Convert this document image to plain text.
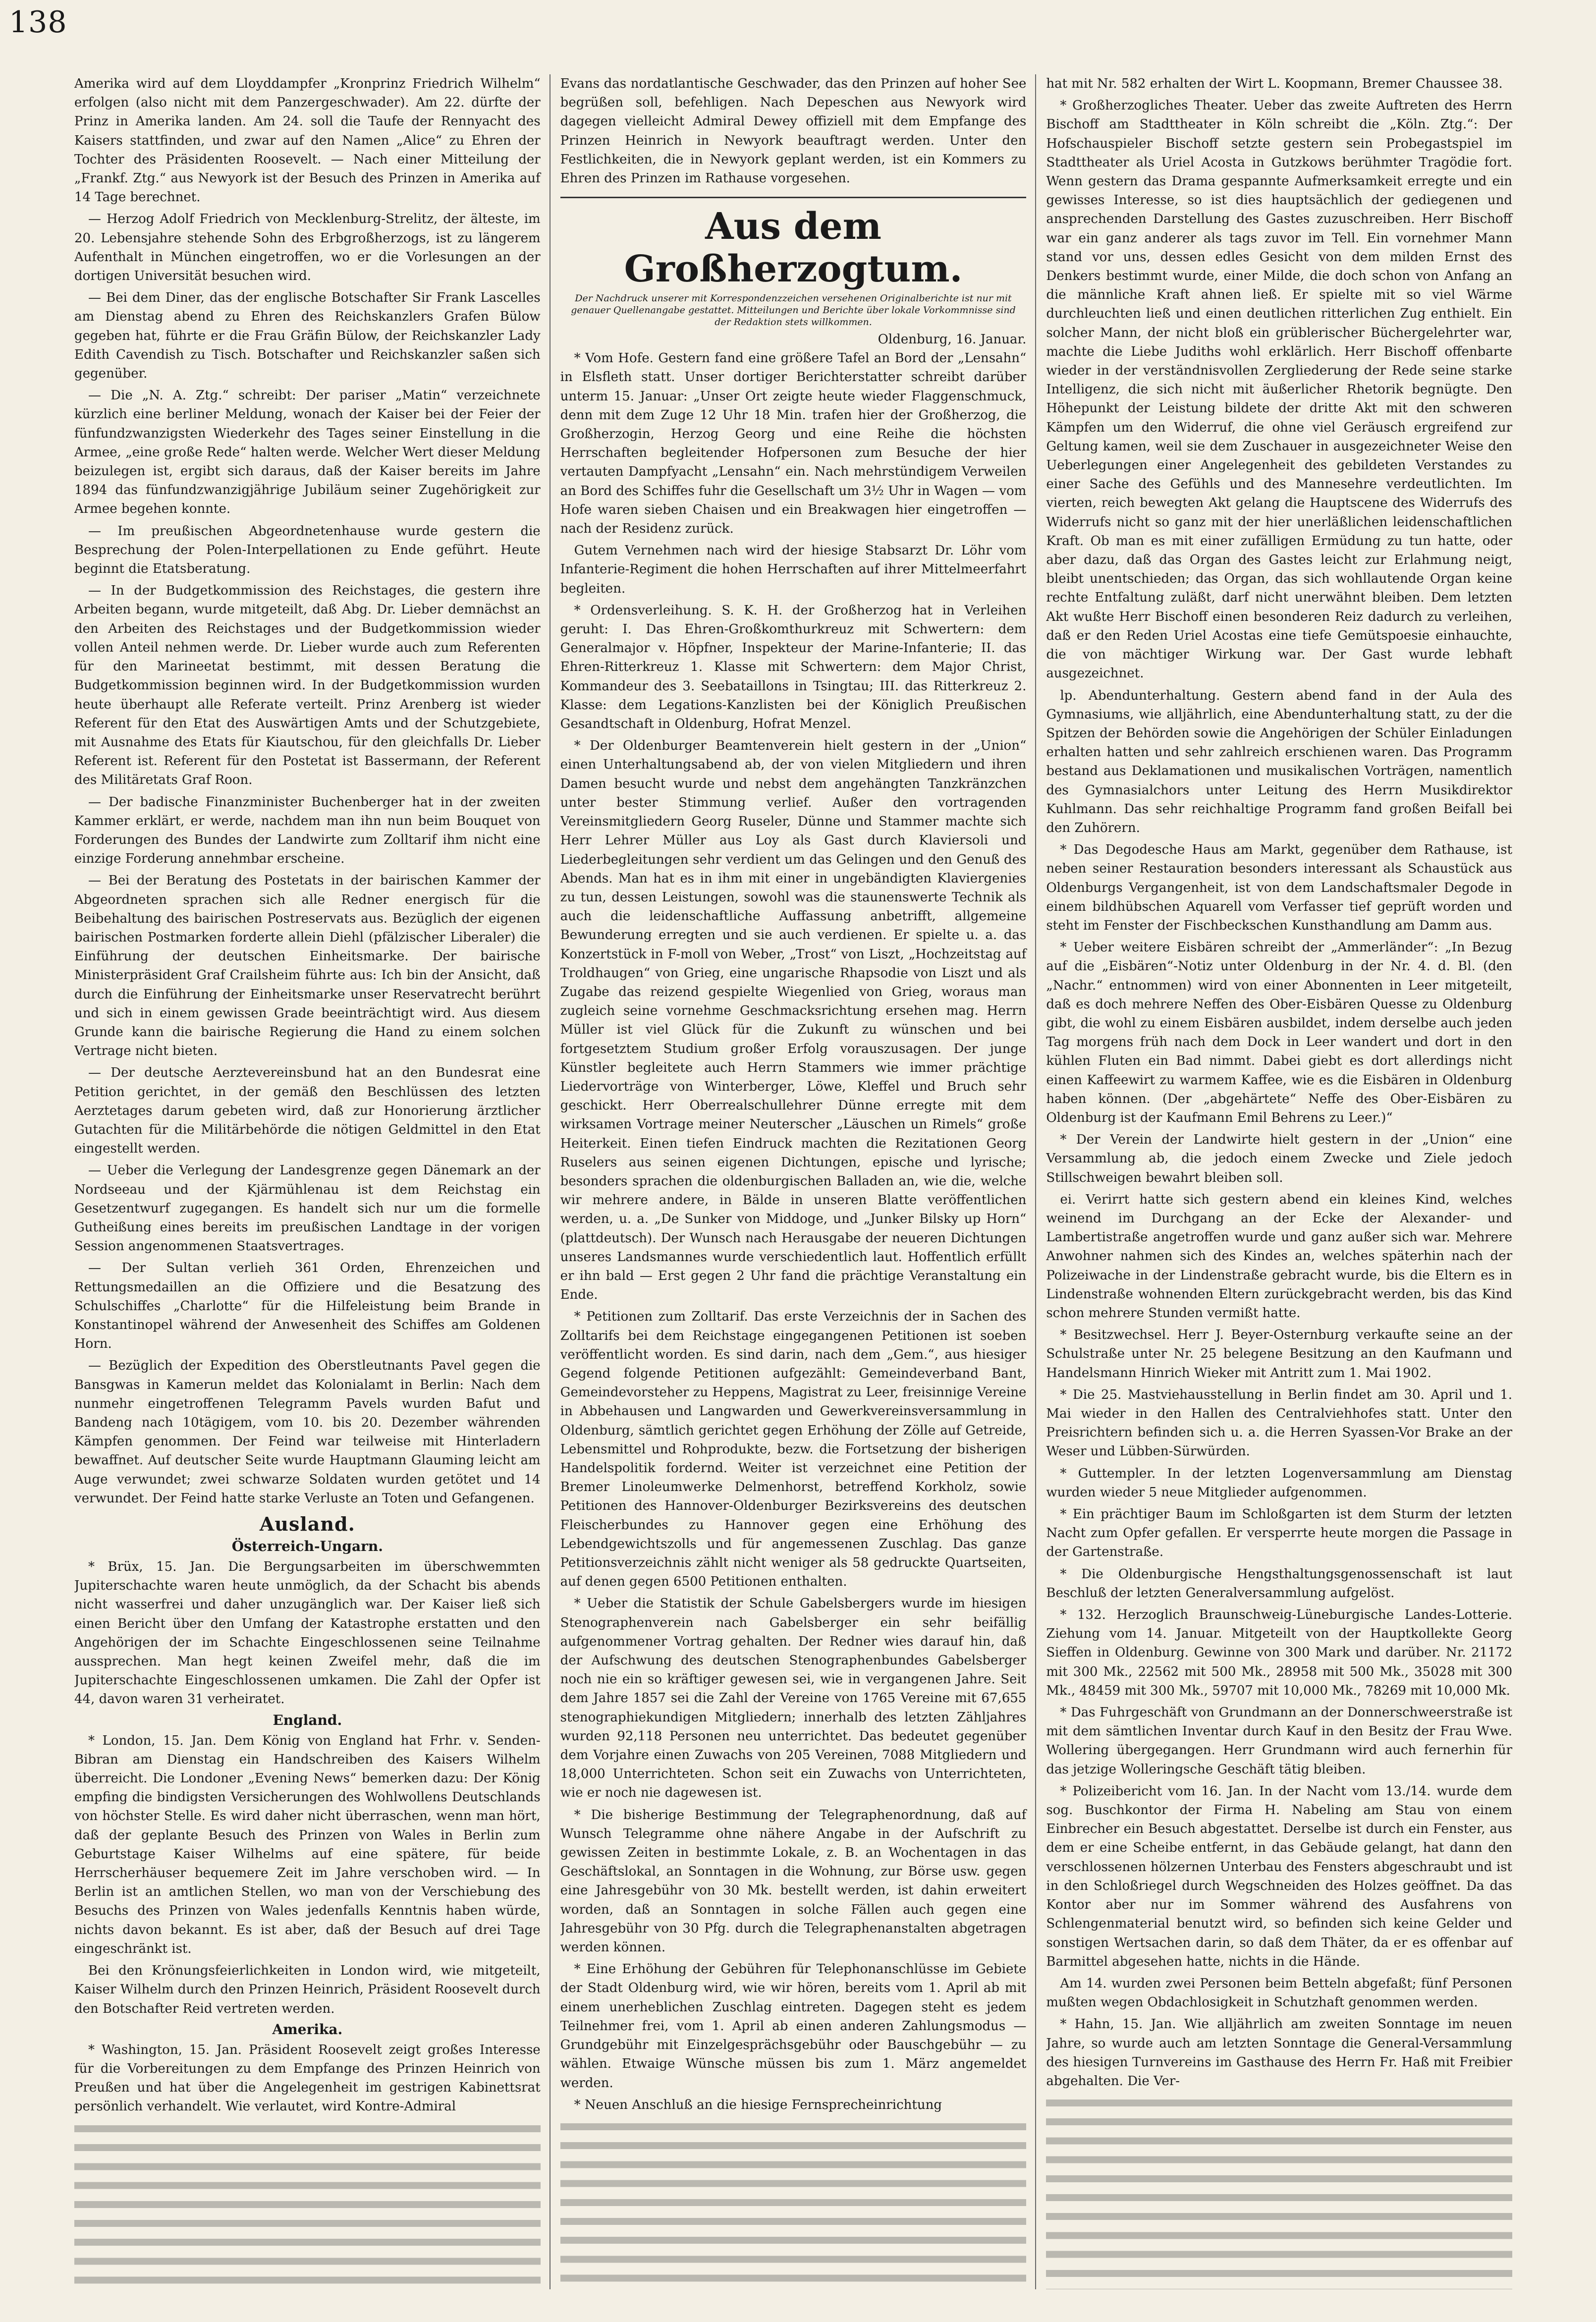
138

Amerika wird auf dem Lloyddampfer „Kronprinz Friedrich Wilhelm“ erfolgen (also nicht mit dem Panzergeschwader). Am 22. dürfte der Prinz in Amerika landen. Am 24. soll die Taufe der Rennyacht des Kaisers stattfinden, und zwar auf den Namen „Alice“ zu Ehren der Tochter des Präsidenten Roosevelt. — Nach einer Mitteilung der „Frankf. Ztg.“ aus Newyork ist der Besuch des Prinzen in Amerika auf 14 Tage berechnet.

— Herzog Adolf Friedrich von Mecklenburg-Strelitz, der älteste, im 20. Lebensjahre stehende Sohn des Erbgroßherzogs, ist zu längerem Aufenthalt in München eingetroffen, wo er die Vorlesungen an der dortigen Universität besuchen wird.

— Bei dem Diner, das der englische Botschafter Sir Frank Lascelles am Dienstag abend zu Ehren des Reichskanzlers Grafen Bülow gegeben hat, führte er die Frau Gräfin Bülow, der Reichskanzler Lady Edith Cavendish zu Tisch. Botschafter und Reichskanzler saßen sich gegenüber.

— Die „N. A. Ztg.“ schreibt: Der pariser „Matin“ verzeichnete kürzlich eine berliner Meldung, wonach der Kaiser bei der Feier der fünfundzwanzigsten Wiederkehr des Tages seiner Einstellung in die Armee, „eine große Rede“ halten werde. Welcher Wert dieser Meldung beizulegen ist, ergibt sich daraus, daß der Kaiser bereits im Jahre 1894 das fünfundzwanzigjährige Jubiläum seiner Zugehörigkeit zur Armee begehen konnte.

— Im preußischen Abgeordnetenhause wurde gestern die Besprechung der Polen-Interpellationen zu Ende geführt. Heute beginnt die Etatsberatung.

— In der Budgetkommission des Reichstages, die gestern ihre Arbeiten begann, wurde mitgeteilt, daß Abg. Dr. Lieber demnächst an den Arbeiten des Reichstages und der Budgetkommission wieder vollen Anteil nehmen werde. Dr. Lieber wurde auch zum Referenten für den Marineetat bestimmt, mit dessen Beratung die Budgetkommission beginnen wird. In der Budgetkommission wurden heute überhaupt alle Referate verteilt. Prinz Arenberg ist wieder Referent für den Etat des Auswärtigen Amts und der Schutzgebiete, mit Ausnahme des Etats für Kiautschou, für den gleichfalls Dr. Lieber Referent ist. Referent für den Postetat ist Bassermann, der Referent des Militäretats Graf Roon.

— Der badische Finanzminister Buchenberger hat in der zweiten Kammer erklärt, er werde, nachdem man ihn nun beim Bouquet von Forderungen des Bundes der Landwirte zum Zolltarif ihm nicht eine einzige Forderung annehmbar erscheine.

— Bei der Beratung des Postetats in der bairischen Kammer der Abgeordneten sprachen sich alle Redner energisch für die Beibehaltung des bairischen Postreservats aus. Bezüglich der eigenen bairischen Postmarken forderte allein Diehl (pfälzischer Liberaler) die Einführung der deutschen Einheitsmarke. Der bairische Ministerpräsident Graf Crailsheim führte aus: Ich bin der Ansicht, daß durch die Einführung der Einheitsmarke unser Reservatrecht berührt und sich in einem gewissen Grade beeinträchtigt wird. Aus diesem Grunde kann die bairische Regierung die Hand zu einem solchen Vertrage nicht bieten.

— Der deutsche Aerztevereinsbund hat an den Bundesrat eine Petition gerichtet, in der gemäß den Beschlüssen des letzten Aerztetages darum gebeten wird, daß zur Honorierung ärztlicher Gutachten für die Militärbehörde die nötigen Geldmittel in den Etat eingestellt werden.

— Ueber die Verlegung der Landesgrenze gegen Dänemark an der Nordseeau und der Kjärmühlenau ist dem Reichstag ein Gesetzentwurf zugegangen. Es handelt sich nur um die formelle Gutheißung eines bereits im preußischen Landtage in der vorigen Session angenommenen Staatsvertrages.

— Der Sultan verlieh 361 Orden, Ehrenzeichen und Rettungsmedaillen an die Offiziere und die Besatzung des Schulschiffes „Charlotte“ für die Hilfeleistung beim Brande in Konstantinopel während der Anwesenheit des Schiffes am Goldenen Horn.

— Bezüglich der Expedition des Oberstleutnants Pavel gegen die Bansgwas in Kamerun meldet das Kolonialamt in Berlin: Nach dem nunmehr eingetroffenen Telegramm Pavels wurden Bafut und Bandeng nach 10tägigem, vom 10. bis 20. Dezember währenden Kämpfen genommen. Der Feind war teilweise mit Hinterladern bewaffnet. Auf deutscher Seite wurde Hauptmann Glauming leicht am Auge verwundet; zwei schwarze Soldaten wurden getötet und 14 verwundet. Der Feind hatte starke Verluste an Toten und Gefangenen.

Ausland.
Österreich-Ungarn.

* Brüx, 15. Jan. Die Bergungsarbeiten im überschwemmten Jupiterschachte waren heute unmöglich, da der Schacht bis abends nicht wasserfrei und daher unzugänglich war. Der Kaiser ließ sich einen Bericht über den Umfang der Katastrophe erstatten und den Angehörigen der im Schachte Eingeschlossenen seine Teilnahme aussprechen. Man hegt keinen Zweifel mehr, daß die im Jupiterschachte Eingeschlossenen umkamen. Die Zahl der Opfer ist 44, davon waren 31 verheiratet.

England.

* London, 15. Jan. Dem König von England hat Frhr. v. Senden-Bibran am Dienstag ein Handschreiben des Kaisers Wilhelm überreicht. Die Londoner „Evening News“ bemerken dazu: Der König empfing die bindigsten Versicherungen des Wohlwollens Deutschlands von höchster Stelle. Es wird daher nicht überraschen, wenn man hört, daß der geplante Besuch des Prinzen von Wales in Berlin zum Geburtstage Kaiser Wilhelms auf eine spätere, für beide Herrscherhäuser bequemere Zeit im Jahre verschoben wird. — In Berlin ist an amtlichen Stellen, wo man von der Verschiebung des Besuchs des Prinzen von Wales jedenfalls Kenntnis haben würde, nichts davon bekannt. Es ist aber, daß der Besuch auf drei Tage eingeschränkt ist.

Bei den Krönungsfeierlichkeiten in London wird, wie mitgeteilt, Kaiser Wilhelm durch den Prinzen Heinrich, Präsident Roosevelt durch den Botschafter Reid vertreten werden.

Amerika.

* Washington, 15. Jan. Präsident Roosevelt zeigt großes Interesse für die Vorbereitungen zu dem Empfange des Prinzen Heinrich von Preußen und hat über die Angelegenheit im gestrigen Kabinettsrat persönlich verhandelt. Wie verlautet, wird Kontre-Admiral

Evans das nordatlantische Geschwader, das den Prinzen auf hoher See begrüßen soll, befehligen. Nach Depeschen aus Newyork wird dagegen vielleicht Admiral Dewey offiziell mit dem Empfange des Prinzen Heinrich in Newyork beauftragt werden. Unter den Festlichkeiten, die in Newyork geplant werden, ist ein Kommers zu Ehren des Prinzen im Rathause vorgesehen.

Aus dem Großherzogtum.
Der Nachdruck unserer mit Korrespondenzzeichen versehenen Originalberichte ist nur mit genauer Quellenangabe gestattet. Mitteilungen und Berichte über lokale Vorkommnisse sind der Redaktion stets willkommen.
Oldenburg, 16. Januar.

* Vom Hofe. Gestern fand eine größere Tafel an Bord der „Lensahn“ in Elsfleth statt. Unser dortiger Berichterstatter schreibt darüber unterm 15. Januar: „Unser Ort zeigte heute wieder Flaggenschmuck, denn mit dem Zuge 12 Uhr 18 Min. trafen hier der Großherzog, die Großherzogin, Herzog Georg und eine Reihe die höchsten Herrschaften begleitender Hofpersonen zum Besuche der hier vertauten Dampfyacht „Lensahn“ ein. Nach mehrstündigem Verweilen an Bord des Schiffes fuhr die Gesellschaft um 3½ Uhr in Wagen — vom Hofe waren sieben Chaisen und ein Breakwagen hier eingetroffen — nach der Residenz zurück.

Gutem Vernehmen nach wird der hiesige Stabsarzt Dr. Löhr vom Infanterie-Regiment die hohen Herrschaften auf ihrer Mittelmeerfahrt begleiten.

* Ordensverleihung. S. K. H. der Großherzog hat in Verleihen geruht: I. Das Ehren-Großkomthurkreuz mit Schwertern: dem Generalmajor v. Höpfner, Inspekteur der Marine-Infanterie; II. das Ehren-Ritterkreuz 1. Klasse mit Schwertern: dem Major Christ, Kommandeur des 3. Seebataillons in Tsingtau; III. das Ritterkreuz 2. Klasse: dem Legations-Kanzlisten bei der Königlich Preußischen Gesandtschaft in Oldenburg, Hofrat Menzel.

* Der Oldenburger Beamtenverein hielt gestern in der „Union“ einen Unterhaltungsabend ab, der von vielen Mitgliedern und ihren Damen besucht wurde und nebst dem angehängten Tanzkränzchen unter bester Stimmung verlief. Außer den vortragenden Vereinsmitgliedern Georg Ruseler, Dünne und Stammer machte sich Herr Lehrer Müller aus Loy als Gast durch Klaviersoli und Liederbegleitungen sehr verdient um das Gelingen und den Genuß des Abends. Man hat es in ihm mit einer in ungebändigten Klaviergenies zu tun, dessen Leistungen, sowohl was die staunenswerte Technik als auch die leidenschaftliche Auffassung anbetrifft, allgemeine Bewunderung erregten und sie auch verdienen. Er spielte u. a. das Konzertstück in F-moll von Weber, „Trost“ von Liszt, „Hochzeitstag auf Troldhaugen“ von Grieg, eine ungarische Rhapsodie von Liszt und als Zugabe das reizend gespielte Wiegenlied von Grieg, woraus man zugleich seine vornehme Geschmacksrichtung ersehen mag. Herrn Müller ist viel Glück für die Zukunft zu wünschen und bei fortgesetztem Studium großer Erfolg vorauszusagen. Der junge Künstler begleitete auch Herrn Stammers wie immer prächtige Liedervorträge von Winterberger, Löwe, Kleffel und Bruch sehr geschickt. Herr Oberrealschullehrer Dünne erregte mit dem wirksamen Vortrage meiner Neuterscher „Läuschen un Rimels“ große Heiterkeit. Einen tiefen Eindruck machten die Rezitationen Georg Ruselers aus seinen eigenen Dichtungen, epische und lyrische; besonders sprachen die oldenburgischen Balladen an, wie die, welche wir mehrere andere, in Bälde in unseren Blatte veröffentlichen werden, u. a. „De Sunker von Middoge, und „Junker Bilsky up Horn“ (plattdeutsch). Der Wunsch nach Herausgabe der neueren Dichtungen unseres Landsmannes wurde verschiedentlich laut. Hoffentlich erfüllt er ihn bald — Erst gegen 2 Uhr fand die prächtige Veranstaltung ein Ende.

* Petitionen zum Zolltarif. Das erste Verzeichnis der in Sachen des Zolltarifs bei dem Reichstage eingegangenen Petitionen ist soeben veröffentlicht worden. Es sind darin, nach dem „Gem.“, aus hiesiger Gegend folgende Petitionen aufgezählt: Gemeindeverband Bant, Gemeindevorsteher zu Heppens, Magistrat zu Leer, freisinnige Vereine in Abbehausen und Langwarden und Gewerkvereinsversammlung in Oldenburg, sämtlich gerichtet gegen Erhöhung der Zölle auf Getreide, Lebensmittel und Rohprodukte, bezw. die Fortsetzung der bisherigen Handelspolitik fordernd. Weiter ist verzeichnet eine Petition der Bremer Linoleumwerke Delmenhorst, betreffend Korkholz, sowie Petitionen des Hannover-Oldenburger Bezirksvereins des deutschen Fleischerbundes zu Hannover gegen eine Erhöhung des Lebendgewichtszolls und für angemessenen Zuschlag. Das ganze Petitionsverzeichnis zählt nicht weniger als 58 gedruckte Quartseiten, auf denen gegen 6500 Petitionen enthalten.

* Ueber die Statistik der Schule Gabelsbergers wurde im hiesigen Stenographenverein nach Gabelsberger ein sehr beifällig aufgenommener Vortrag gehalten. Der Redner wies darauf hin, daß der Aufschwung des deutschen Stenographenbundes Gabelsberger noch nie ein so kräftiger gewesen sei, wie in vergangenen Jahre. Seit dem Jahre 1857 sei die Zahl der Vereine von 1765 Vereine mit 67,655 stenographiekundigen Mitgliedern; innerhalb des letzten Zähljahres wurden 92,118 Personen neu unterrichtet. Das bedeutet gegenüber dem Vorjahre einen Zuwachs von 205 Vereinen, 7088 Mitgliedern und 18,000 Unterrichteten. Schon seit ein Zuwachs von Unterrichteten, wie er noch nie dagewesen ist.

* Die bisherige Bestimmung der Telegraphenordnung, daß auf Wunsch Telegramme ohne nähere Angabe in der Aufschrift zu gewissen Zeiten in bestimmte Lokale, z. B. an Wochentagen in das Geschäftslokal, an Sonntagen in die Wohnung, zur Börse usw. gegen eine Jahresgebühr von 30 Mk. bestellt werden, ist dahin erweitert worden, daß an Sonntagen in solche Fällen auch gegen eine Jahresgebühr von 30 Pfg. durch die Telegraphenanstalten abgetragen werden können.

* Eine Erhöhung der Gebühren für Telephonanschlüsse im Gebiete der Stadt Oldenburg wird, wie wir hören, bereits vom 1. April ab mit einem unerheblichen Zuschlag eintreten. Dagegen steht es jedem Teilnehmer frei, vom 1. April ab einen anderen Zahlungsmodus — Grundgebühr mit Einzelgesprächsgebühr oder Bauschgebühr — zu wählen. Etwaige Wünsche müssen bis zum 1. März angemeldet werden.

* Neuen Anschluß an die hiesige Fernsprecheinrichtung

hat mit Nr. 582 erhalten der Wirt L. Koopmann, Bremer Chaussee 38.

* Großherzogliches Theater. Ueber das zweite Auftreten des Herrn Bischoff am Stadttheater in Köln schreibt die „Köln. Ztg.“: Der Hofschauspieler Bischoff setzte gestern sein Probegastspiel im Stadttheater als Uriel Acosta in Gutzkows berühmter Tragödie fort. Wenn gestern das Drama gespannte Aufmerksamkeit erregte und ein gewisses Interesse, so ist dies hauptsächlich der gediegenen und ansprechenden Darstellung des Gastes zuzuschreiben. Herr Bischoff war ein ganz anderer als tags zuvor im Tell. Ein vornehmer Mann stand vor uns, dessen edles Gesicht von dem milden Ernst des Denkers bestimmt wurde, einer Milde, die doch schon von Anfang an die männliche Kraft ahnen ließ. Er spielte mit so viel Wärme durchleuchten ließ und einen deutlichen ritterlichen Zug enthielt. Ein solcher Mann, der nicht bloß ein grüblerischer Büchergelehrter war, machte die Liebe Judiths wohl erklärlich. Herr Bischoff offenbarte wieder in der verständnisvollen Zergliederung der Rede seine starke Intelligenz, die sich nicht mit äußerlicher Rhetorik begnügte. Den Höhepunkt der Leistung bildete der dritte Akt mit den schweren Kämpfen um den Widerruf, die ohne viel Geräusch ergreifend zur Geltung kamen, weil sie dem Zuschauer in ausgezeichneter Weise den Ueberlegungen einer Angelegenheit des gebildeten Verstandes zu einer Sache des Gefühls und des Mannesehre verdeutlichten. Im vierten, reich bewegten Akt gelang die Hauptscene des Widerrufs des Widerrufs nicht so ganz mit der hier unerläßlichen leidenschaftlichen Kraft. Ob man es mit einer zufälligen Ermüdung zu tun hatte, oder aber dazu, daß das Organ des Gastes leicht zur Erlahmung neigt, bleibt unentschieden; das Organ, das sich wohllautende Organ keine rechte Entfaltung zuläßt, darf nicht unerwähnt bleiben. Dem letzten Akt wußte Herr Bischoff einen besonderen Reiz dadurch zu verleihen, daß er den Reden Uriel Acostas eine tiefe Gemütspoesie einhauchte, die von mächtiger Wirkung war. Der Gast wurde lebhaft ausgezeichnet.

lp. Abendunterhaltung. Gestern abend fand in der Aula des Gymnasiums, wie alljährlich, eine Abendunterhaltung statt, zu der die Spitzen der Behörden sowie die Angehörigen der Schüler Einladungen erhalten hatten und sehr zahlreich erschienen waren. Das Programm bestand aus Deklamationen und musikalischen Vorträgen, namentlich des Gymnasialchors unter Leitung des Herrn Musikdirektor Kuhlmann. Das sehr reichhaltige Programm fand großen Beifall bei den Zuhörern.

* Das Degodesche Haus am Markt, gegenüber dem Rathause, ist neben seiner Restauration besonders interessant als Schaustück aus Oldenburgs Vergangenheit, ist von dem Landschaftsmaler Degode in einem bildhübschen Aquarell vom Verfasser tief geprüft worden und steht im Fenster der Fischbeckschen Kunsthandlung am Damm aus.

* Ueber weitere Eisbären schreibt der „Ammerländer“: „In Bezug auf die „Eisbären“-Notiz unter Oldenburg in der Nr. 4. d. Bl. (den „Nachr.“ entnommen) wird von einer Abonnenten in Leer mitgeteilt, daß es doch mehrere Neffen des Ober-Eisbären Quesse zu Oldenburg gibt, die wohl zu einem Eisbären ausbildet, indem derselbe auch jeden Tag morgens früh nach dem Dock in Leer wandert und dort in den kühlen Fluten ein Bad nimmt. Dabei giebt es dort allerdings nicht einen Kaffeewirt zu warmem Kaffee, wie es die Eisbären in Oldenburg haben können. (Der „abgehärtete“ Neffe des Ober-Eisbären zu Oldenburg ist der Kaufmann Emil Behrens zu Leer.)“

* Der Verein der Landwirte hielt gestern in der „Union“ eine Versammlung ab, die jedoch einem Zwecke und Ziele jedoch Stillschweigen bewahrt bleiben soll.

ei. Verirrt hatte sich gestern abend ein kleines Kind, welches weinend im Durchgang an der Ecke der Alexander- und Lambertistraße angetroffen wurde und ganz außer sich war. Mehrere Anwohner nahmen sich des Kindes an, welches späterhin nach der Polizeiwache in der Lindenstraße gebracht wurde, bis die Eltern es in Lindenstraße wohnenden Eltern zurückgebracht werden, bis das Kind schon mehrere Stunden vermißt hatte.

* Besitzwechsel. Herr J. Beyer-Osternburg verkaufte seine an der Schulstraße unter Nr. 25 belegene Besitzung an den Kaufmann und Handelsmann Hinrich Wieker mit Antritt zum 1. Mai 1902.

* Die 25. Mastviehausstellung in Berlin findet am 30. April und 1. Mai wieder in den Hallen des Centralviehhofes statt. Unter den Preisrichtern befinden sich u. a. die Herren Syassen-Vor Brake an der Weser und Lübben-Sürwürden.

* Guttempler. In der letzten Logenversammlung am Dienstag wurden wieder 5 neue Mitglieder aufgenommen.

* Ein prächtiger Baum im Schloßgarten ist dem Sturm der letzten Nacht zum Opfer gefallen. Er versperrte heute morgen die Passage in der Gartenstraße.

* Die Oldenburgische Hengsthaltungsgenossenschaft ist laut Beschluß der letzten Generalversammlung aufgelöst.

* 132. Herzoglich Braunschweig-Lüneburgische Landes-Lotterie. Ziehung vom 14. Januar. Mitgeteilt von der Hauptkollekte Georg Sieffen in Oldenburg. Gewinne von 300 Mark und darüber. Nr. 21172 mit 300 Mk., 22562 mit 500 Mk., 28958 mit 500 Mk., 35028 mit 300 Mk., 48459 mit 300 Mk., 59707 mit 10,000 Mk., 78269 mit 10,000 Mk.

* Das Fuhrgeschäft von Grundmann an der Donnerschweerstraße ist mit dem sämtlichen Inventar durch Kauf in den Besitz der Frau Wwe. Wollering übergegangen. Herr Grundmann wird auch fernerhin für das jetzige Wolleringsche Geschäft tätig bleiben.

* Polizeibericht vom 16. Jan. In der Nacht vom 13./14. wurde dem sog. Buschkontor der Firma H. Nabeling am Stau von einem Einbrecher ein Besuch abgestattet. Derselbe ist durch ein Fenster, aus dem er eine Scheibe entfernt, in das Gebäude gelangt, hat dann den verschlossenen hölzernen Unterbau des Fensters abgeschraubt und ist in den Schloßriegel durch Wegschneiden des Holzes geöffnet. Da das Kontor aber nur im Sommer während des Ausfahrens von Schlengenmaterial benutzt wird, so befinden sich keine Gelder und sonstigen Wertsachen darin, so daß dem Thäter, da er es offenbar auf Barmittel abgesehen hatte, nichts in die Hände.

Am 14. wurden zwei Personen beim Betteln abgefaßt; fünf Personen mußten wegen Obdachlosigkeit in Schutzhaft genommen werden.

* Hahn, 15. Jan. Wie alljährlich am zweiten Sonntage im neuen Jahre, so wurde auch am letzten Sonntage die General-Versammlung des hiesigen Turnvereins im Gasthause des Herrn Fr. Haß mit Freibier abgehalten. Die Ver-
